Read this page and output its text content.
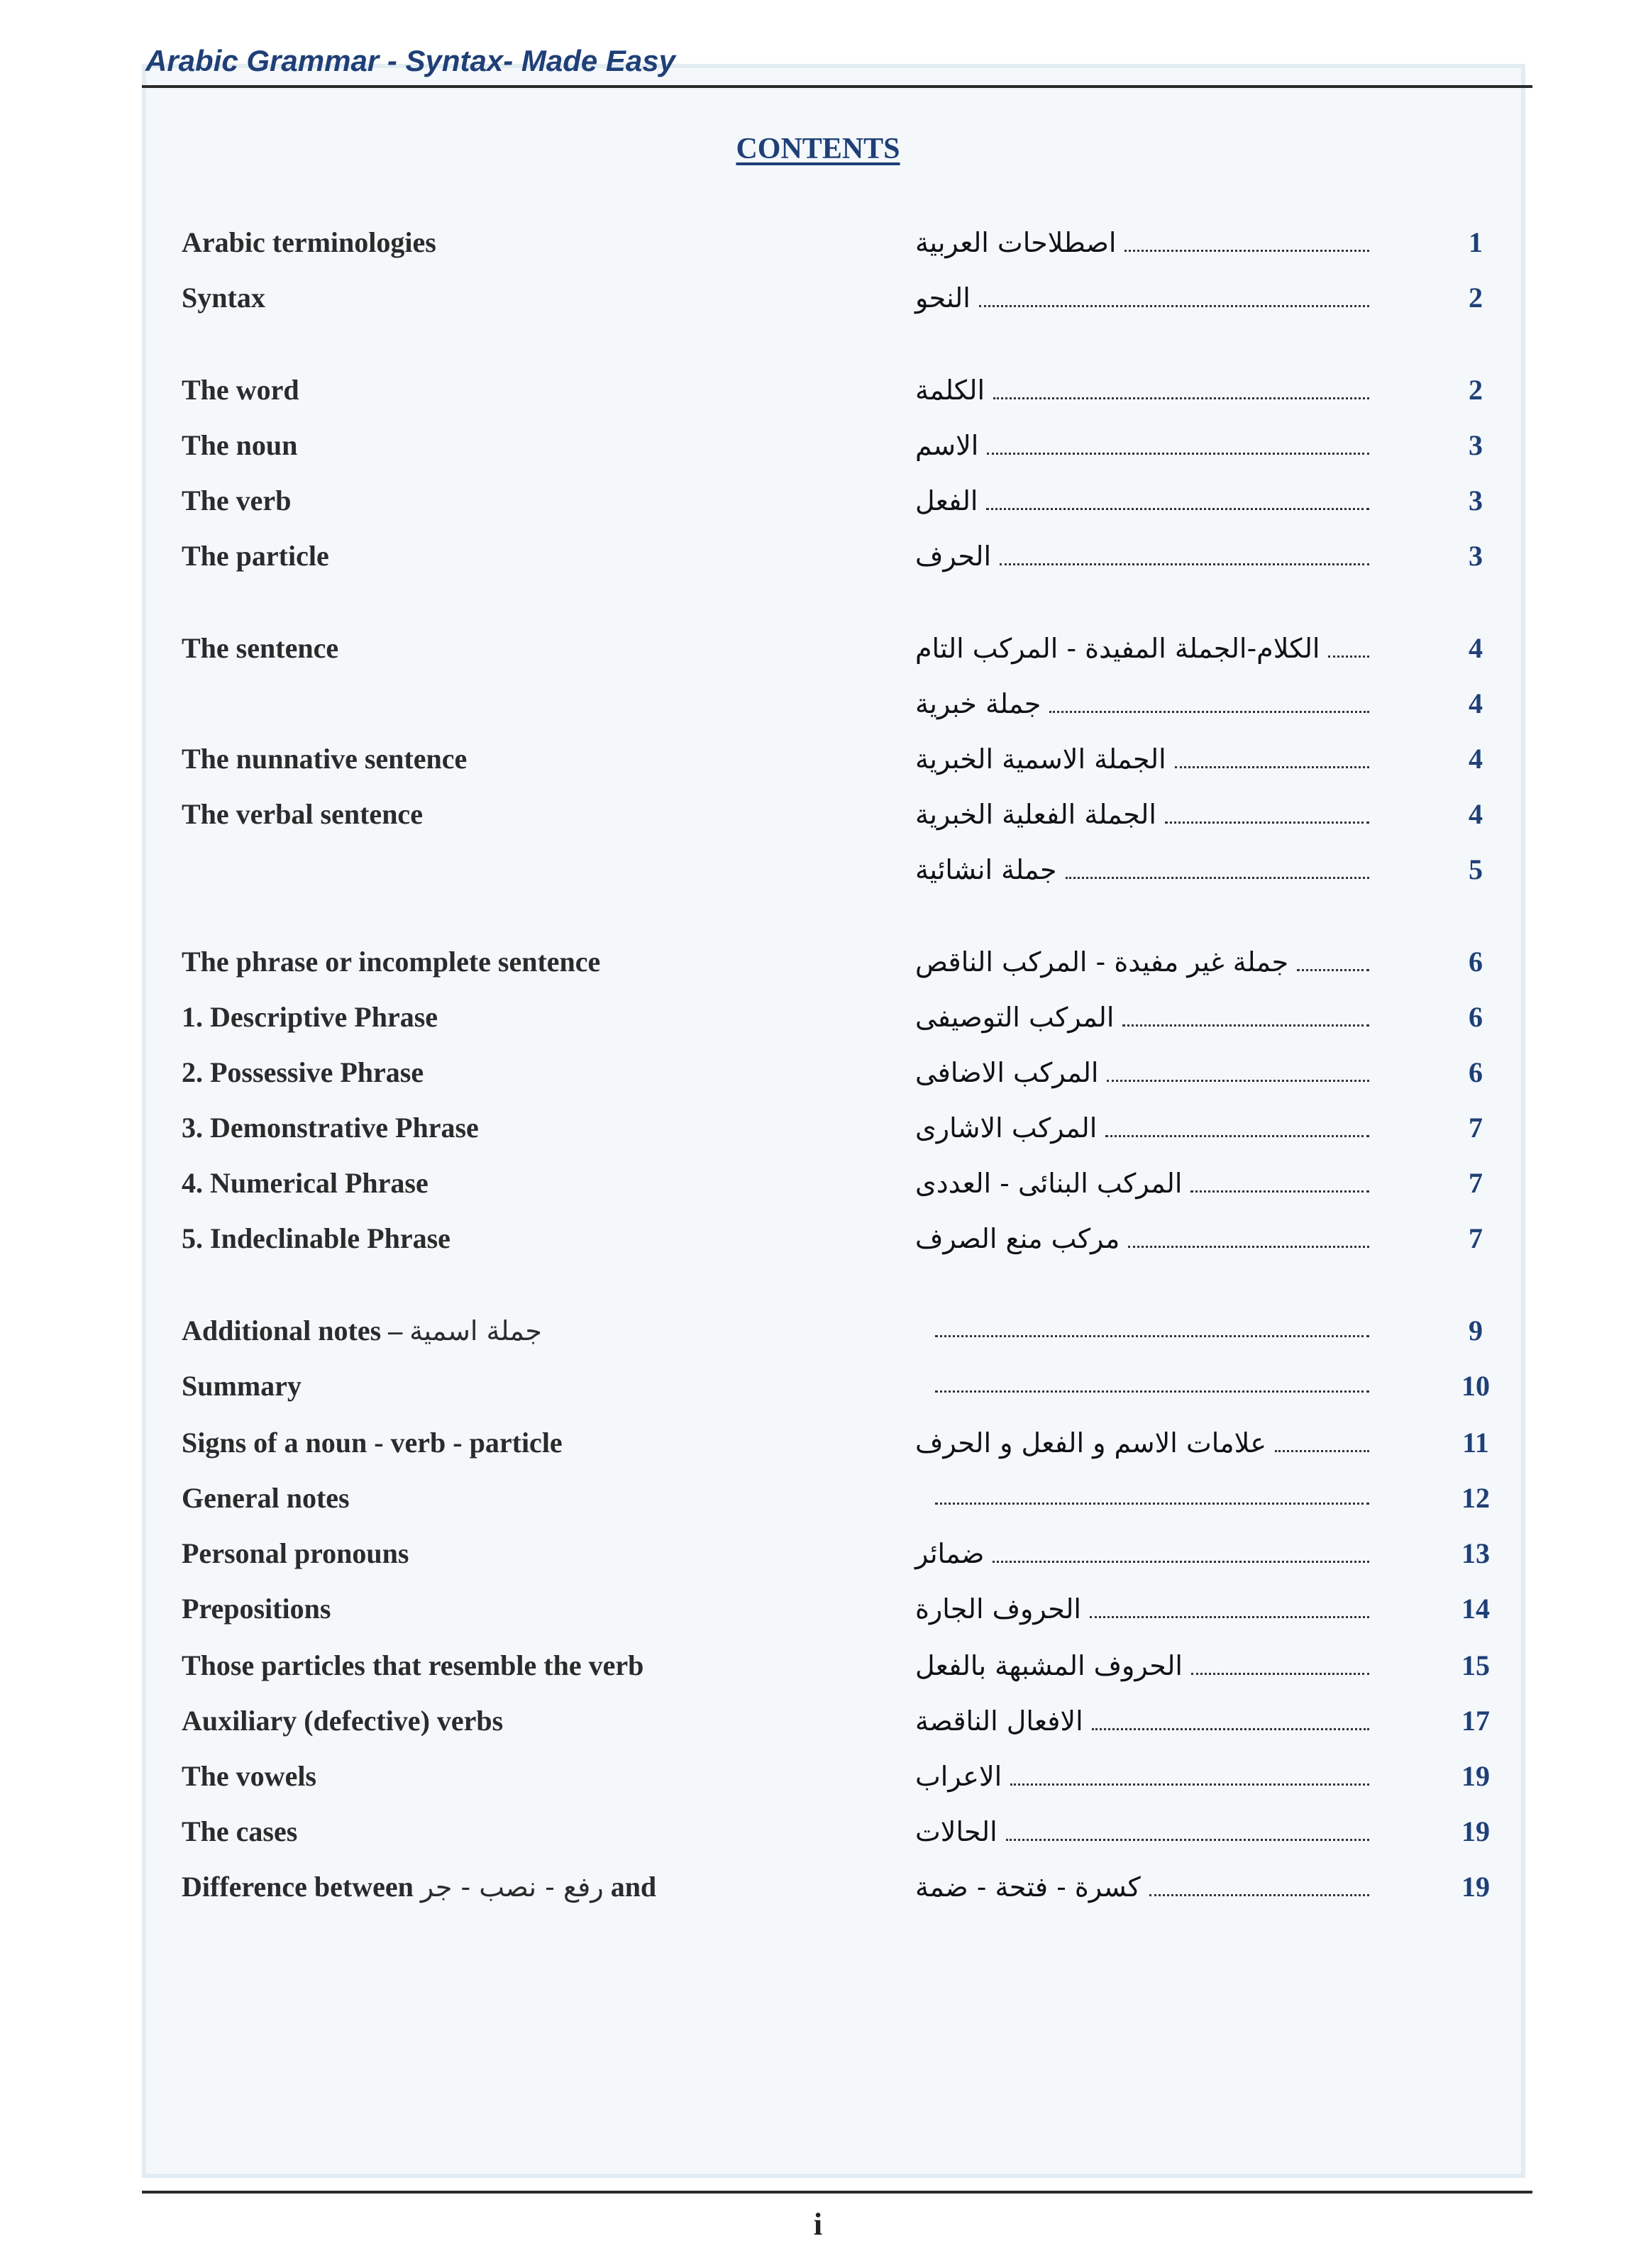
Arabic Grammar - Syntax- Made Easy
CONTENTS
Arabic terminologies	اصطلاحات العربية	1
Syntax	النحو	2
The word	الكلمة	2
The noun	الاسم	3
The verb	الفعل	3
The particle	الحرف	3
The sentence	الكلام-الجملة المفيدة - المركب التام	4
جملة خبرية	4
The nunnative sentence	الجملة الاسمية الخبرية	4
The verbal sentence	الجملة الفعلية الخبرية	4
جملة انشائية	5
The phrase or incomplete sentence	جملة غير مفيدة - المركب الناقص	6
1. Descriptive Phrase	المركب التوصيفى	6
2. Possessive Phrase	المركب الاضافى	6
3. Demonstrative Phrase	المركب الاشارى	7
4. Numerical Phrase	المركب البنائى - العددى	7
5. Indeclinable Phrase	مركب منع الصرف	7
Additional notes – جملة اسمية	9
Summary	10
Signs of a noun - verb - particle	علامات الاسم و الفعل و الحرف	11
General notes	12
Personal pronouns	ضمائر	13
Prepositions	الحروف الجارة	14
Those particles that resemble the verb	الحروف المشبهة بالفعل	15
Auxiliary (defective) verbs	الافعال الناقصة	17
The vowels	الاعراب	19
The cases	الحالات	19
Difference between رفع - نصب - جر and	كسرة - فتحة - ضمة	19
i
